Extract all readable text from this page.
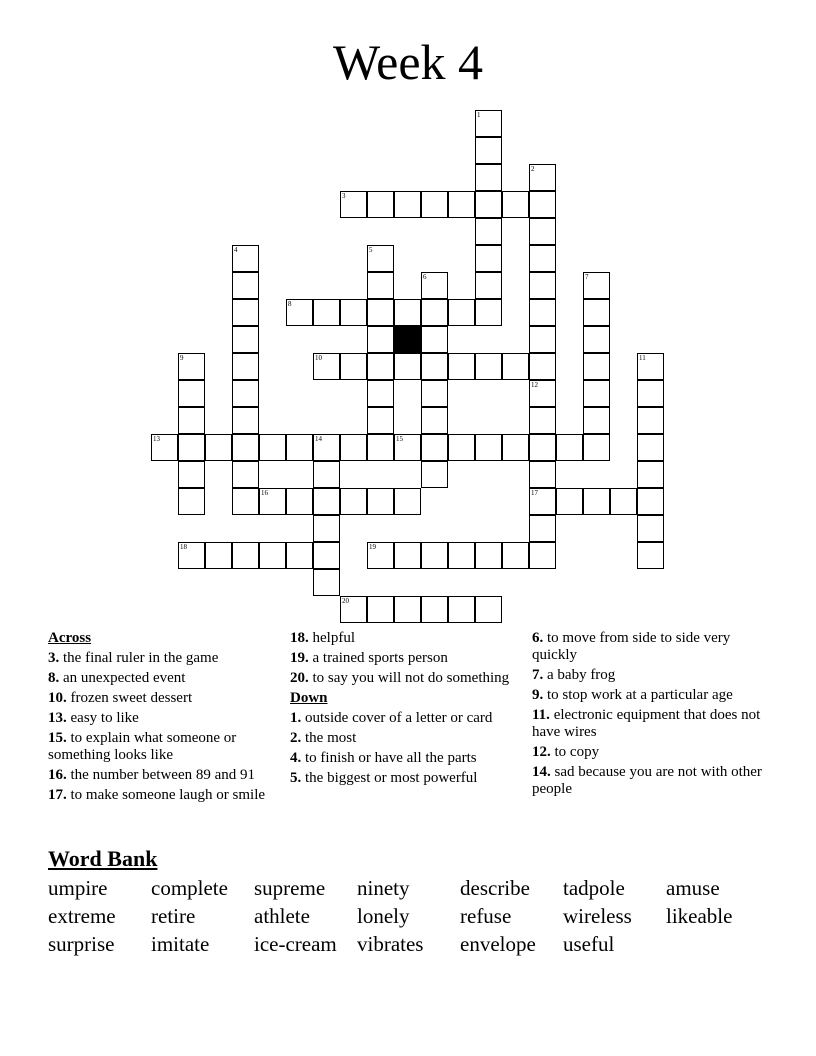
Week 4
1
2
12
3
4	5
6	7
8
9	10	11
17
13	14	15
16
18	19
20
Across
3. the final ruler in the game
8. an unexpected event
10. frozen sweet dessert
13. easy to like
15. to explain what someone or something looks like
16. the number between 89 and 91
17. to make someone laugh or smile
18. helpful
19. a trained sports person
20. to say you will not do something
Down
1. outside cover of a letter or card
2. the most
4. to finish or have all the parts
5. the biggest or most powerful
6. to move from side to side very quickly
7. a baby frog
9. to stop work at a particular age
11. electronic equipment that does not have wires
12. to copy
14. sad because you are not with other people
Word Bank
umpire complete supreme ninety describe tadpole amuse
extreme retire	athlete lonely refuse wireless likeable
surprise imitate ice-cream vibrates envelope useful
